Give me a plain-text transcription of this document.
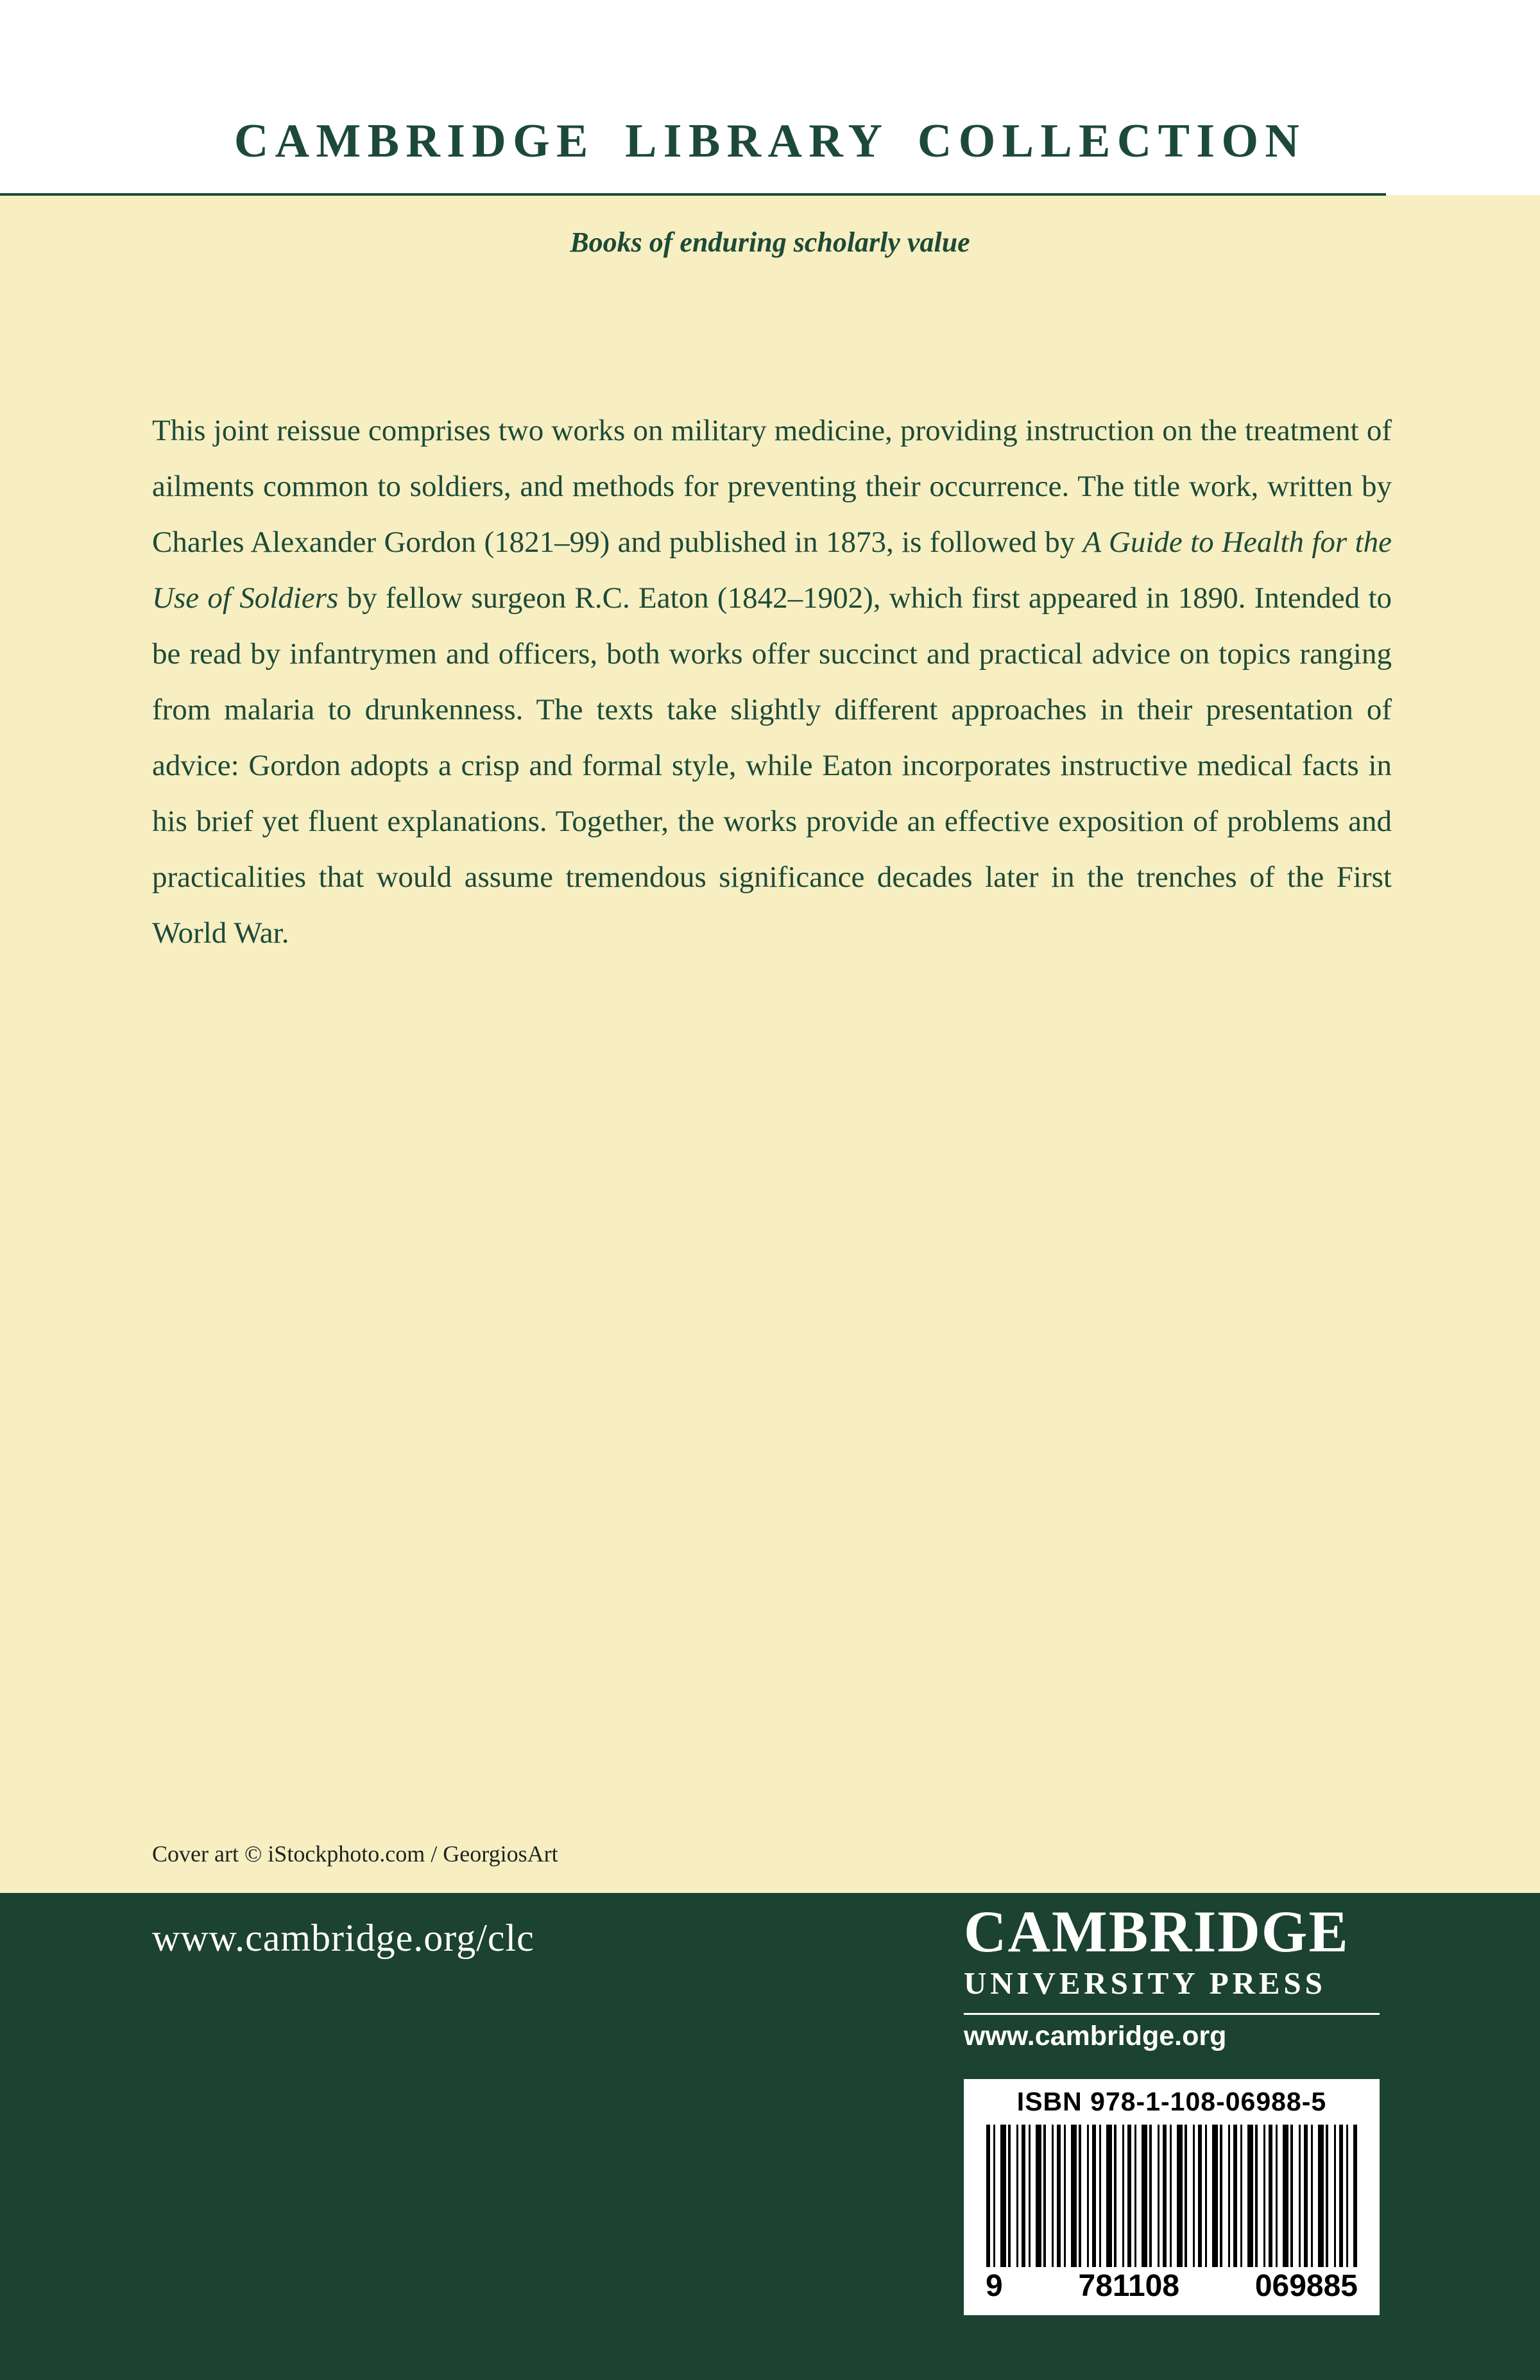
CAMBRIDGE LIBRARY COLLECTION
Books of enduring scholarly value
This joint reissue comprises two works on military medicine, providing instruction on the treatment of ailments common to soldiers, and methods for preventing their occurrence. The title work, written by Charles Alexander Gordon (1821–99) and published in 1873, is followed by A Guide to Health for the Use of Soldiers by fellow surgeon R.C. Eaton (1842–1902), which first appeared in 1890. Intended to be read by infantrymen and officers, both works offer succinct and practical advice on topics ranging from malaria to drunkenness. The texts take slightly different approaches in their presentation of advice: Gordon adopts a crisp and formal style, while Eaton incorporates instructive medical facts in his brief yet fluent explanations. Together, the works provide an effective exposition of problems and practicalities that would assume tremendous significance decades later in the trenches of the First World War.
Cover art © iStockphoto.com / GeorgiosArt
www.cambridge.org/clc	CAMBRIDGE
UNIVERSITY PRESS
www.cambridge.org
ISBN 978-1-108-06988-5
9 781108 069885
